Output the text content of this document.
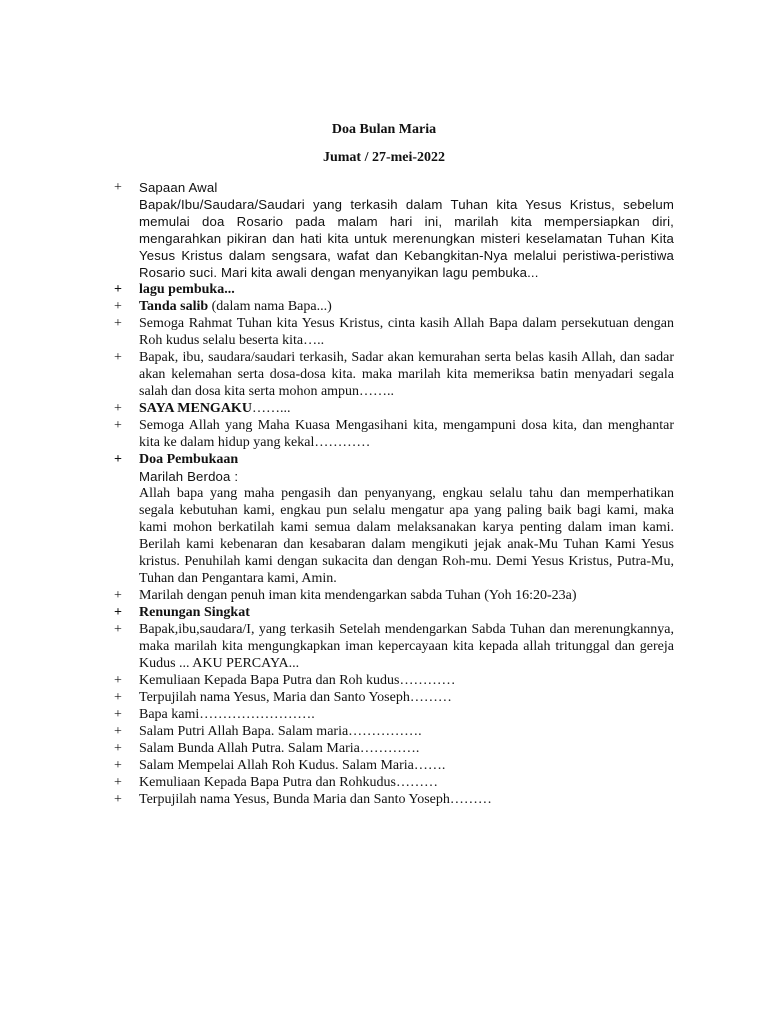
Doa Bulan Maria
Jumat / 27-mei-2022
+ Sapaan Awal

Bapak/Ibu/Saudara/Saudari yang terkasih dalam Tuhan kita Yesus Kristus, sebelum memulai doa Rosario pada malam hari ini, marilah kita mempersiapkan diri, mengarahkan pikiran dan hati kita untuk merenungkan misteri keselamatan Tuhan Kita Yesus Kristus dalam sengsara, wafat dan Kebangkitan-Nya melalui peristiwa-peristiwa Rosario suci. Mari kita awali dengan menyanyikan lagu pembuka...

+ lagu pembuka...

+ Tanda salib (dalam nama Bapa...)

+ Semoga Rahmat Tuhan kita Yesus Kristus, cinta kasih Allah Bapa dalam persekutuan dengan Roh kudus selalu beserta kita…..

+ Bapak, ibu, saudara/saudari terkasih, Sadar akan kemurahan serta belas kasih Allah, dan sadar akan kelemahan serta dosa-dosa kita. maka marilah kita memeriksa batin menyadari segala salah dan dosa kita serta mohon ampun……..

+ SAYA MENGAKU……...

+ Semoga Allah yang Maha Kuasa Mengasihani kita, mengampuni dosa kita, dan menghantar kita ke dalam hidup yang kekal…………

+ Doa Pembukaan

Marilah Berdoa :

Allah bapa yang maha pengasih dan penyanyang, engkau selalu tahu dan memperhatikan segala kebutuhan kami, engkau pun selalu mengatur apa yang paling baik bagi kami, maka kami mohon berkatilah kami semua dalam melaksanakan karya penting dalam iman kami. Berilah kami kebenaran dan kesabaran dalam mengikuti jejak anak-Mu Tuhan Kami Yesus kristus. Penuhilah kami dengan sukacita dan dengan Roh-mu. Demi Yesus Kristus, Putra-Mu, Tuhan dan Pengantara kami, Amin.

+ Marilah dengan penuh iman kita mendengarkan sabda Tuhan (Yoh 16:20-23a)

+ Renungan Singkat

+ Bapak,ibu,saudara/I, yang terkasih Setelah mendengarkan Sabda Tuhan dan merenungkannya, maka marilah kita mengungkapkan iman kepercayaan kita kepada allah tritunggal dan gereja Kudus ... AKU PERCAYA...

+ Kemuliaan Kepada Bapa Putra dan Roh kudus…………

+ Terpujilah nama Yesus, Maria dan Santo Yoseph………

+ Bapa kami…………………….

+ Salam Putri Allah Bapa. Salam maria…………….

+ Salam Bunda Allah Putra. Salam Maria………….

+ Salam Mempelai Allah Roh Kudus. Salam Maria…….

+ Kemuliaan Kepada Bapa Putra dan Rohkudus………

+ Terpujilah nama Yesus, Bunda Maria dan Santo Yoseph………
